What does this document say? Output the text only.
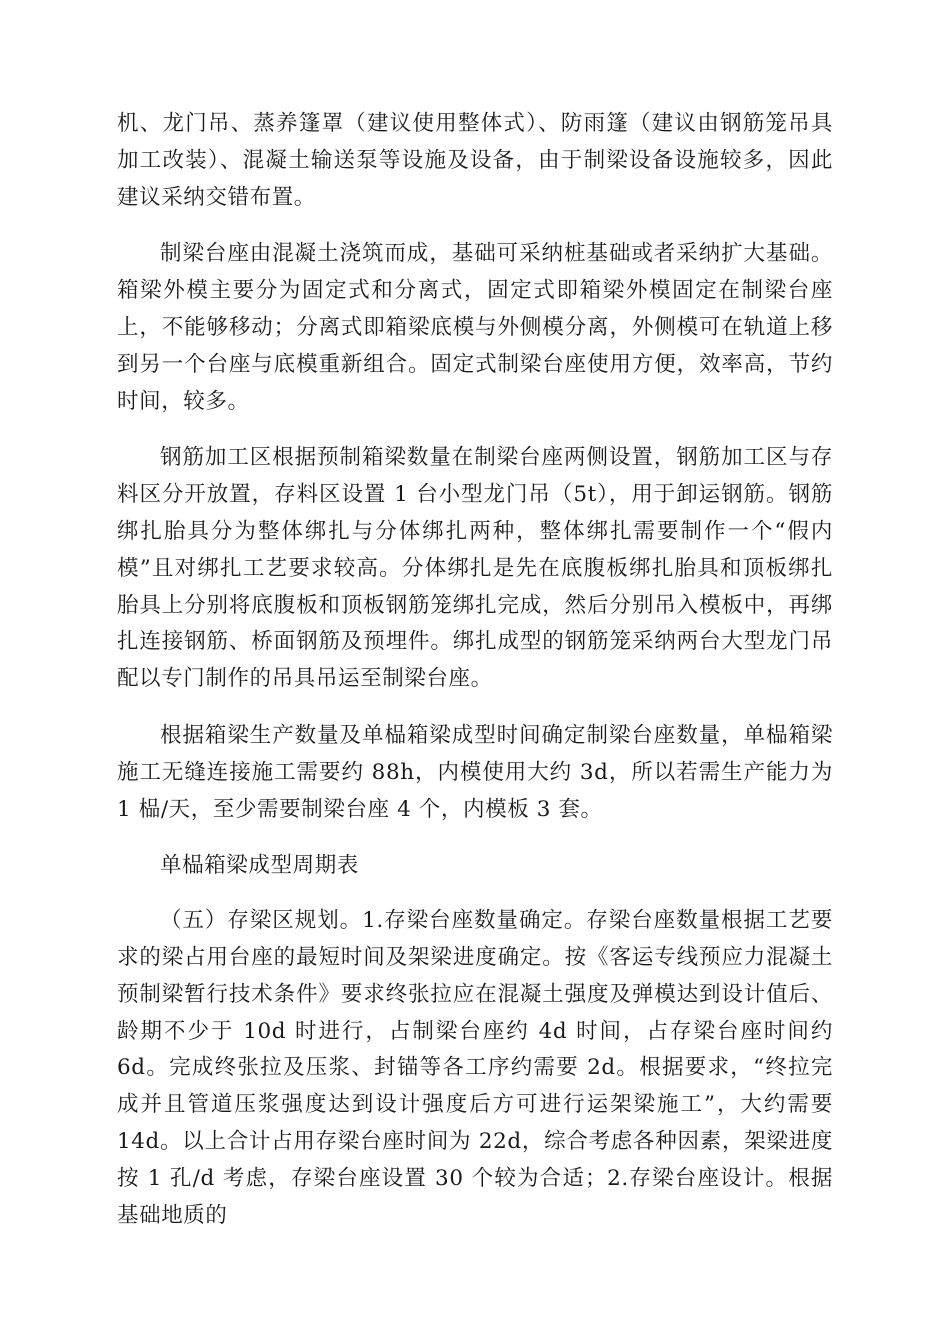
机、龙门吊、蒸养篷罩（建议使用整体式）、防雨篷（建议由钢筋笼吊具加工改装）、混凝土输送泵等设施及设备，由于制梁设备设施较多，因此建议采纳交错布置。

制梁台座由混凝土浇筑而成，基础可采纳桩基础或者采纳扩大基础。箱梁外模主要分为固定式和分离式，固定式即箱梁外模固定在制梁台座上，不能够移动；分离式即箱梁底模与外侧模分离，外侧模可在轨道上移到另一个台座与底模重新组合。固定式制梁台座使用方便，效率高，节约时间，较多。

钢筋加工区根据预制箱梁数量在制梁台座两侧设置，钢筋加工区与存料区分开放置，存料区设置 1 台小型龙门吊（5t），用于卸运钢筋。钢筋绑扎胎具分为整体绑扎与分体绑扎两种，整体绑扎需要制作一个“假内模”且对绑扎工艺要求较高。分体绑扎是先在底腹板绑扎胎具和顶板绑扎胎具上分别将底腹板和顶板钢筋笼绑扎完成，然后分别吊入模板中，再绑扎连接钢筋、桥面钢筋及预埋件。绑扎成型的钢筋笼采纳两台大型龙门吊配以专门制作的吊具吊运至制梁台座。

根据箱梁生产数量及单榀箱梁成型时间确定制梁台座数量，单榀箱梁施工无缝连接施工需要约 88h，内模使用大约 3d，所以若需生产能力为 1 榀/天，至少需要制梁台座 4 个，内模板 3 套。

单榀箱梁成型周期表

（五）存梁区规划。1.存梁台座数量确定。存梁台座数量根据工艺要求的梁占用台座的最短时间及架梁进度确定。按《客运专线预应力混凝土预制梁暂行技术条件》要求终张拉应在混凝土强度及弹模达到设计值后、龄期不少于 10d 时进行，占制梁台座约 4d 时间，占存梁台座时间约 6d。完成终张拉及压浆、封锚等各工序约需要 2d。根据要求，“终拉完成并且管道压浆强度达到设计强度后方可进行运架梁施工”，大约需要 14d。以上合计占用存梁台座时间为 22d，综合考虑各种因素，架梁进度按 1 孔/d 考虑，存梁台座设置 30 个较为合适；2.存梁台座设计。根据基础地质的
